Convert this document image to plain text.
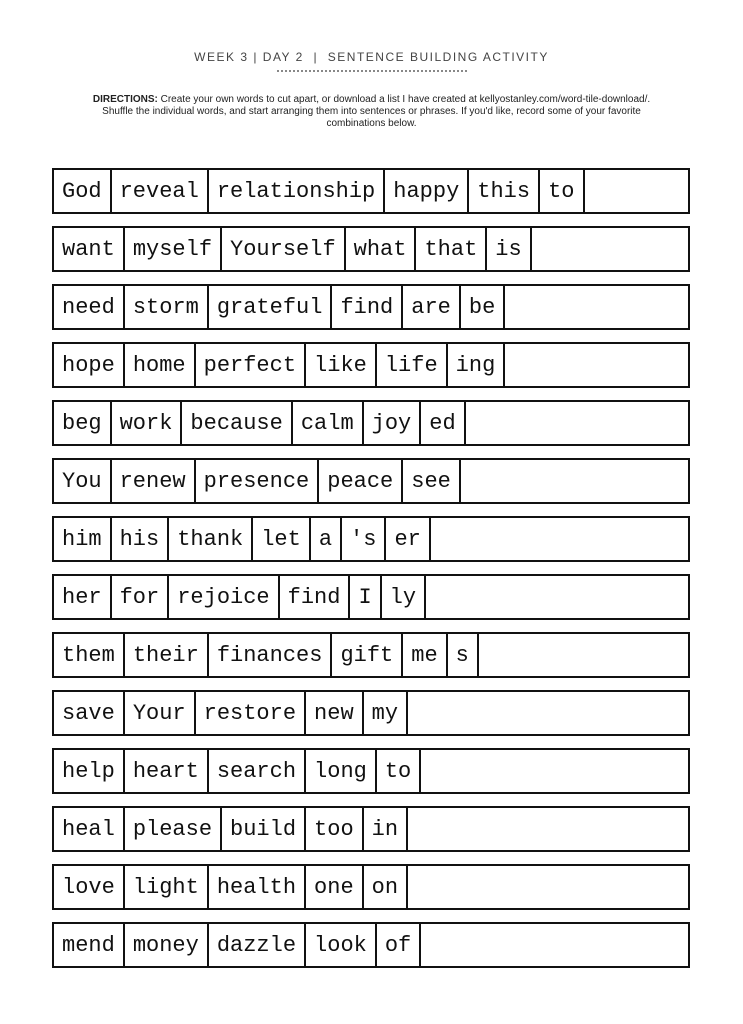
WEEK 3 | DAY 2  |  SENTENCE BUILDING ACTIVITY
DIRECTIONS: Create your own words to cut apart, or download a list I have created at kellyostanley.com/word-tile-download/. Shuffle the individual words, and start arranging them into sentences or phrases. If you'd like, record some of your favorite combinations below.
God reveal relationship happy this to
want myself Yourself what that is
need storm grateful find are be
hope home perfect like life ing
beg work because calm joy ed
You renew presence peace see
him his thank let a 's er
her for rejoice find I ly
them their finances gift me s
save Your restore new my
help heart search long to
heal please build too in
love light health one on
mend money dazzle look of
